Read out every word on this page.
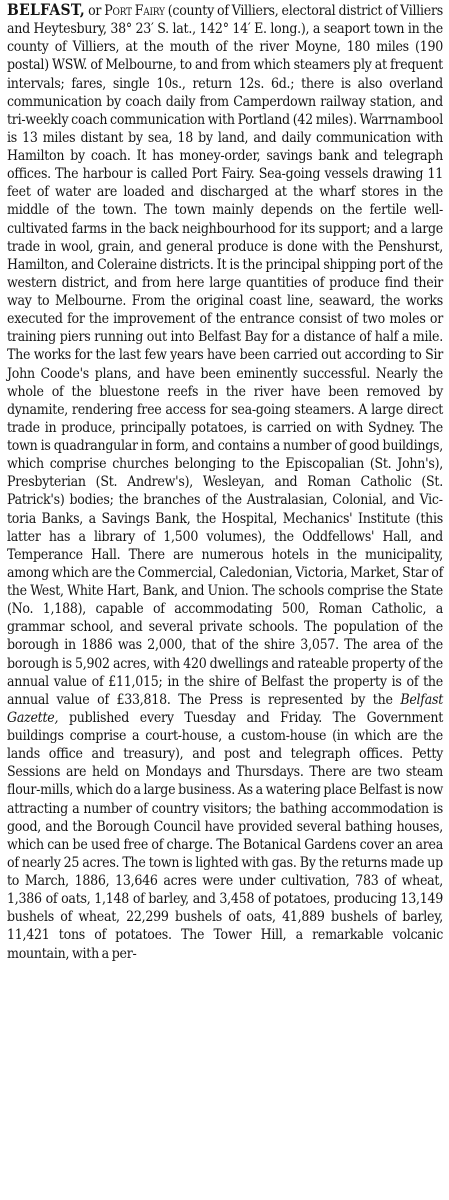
BELFAST, or Port Fairy (county of Villiers, electoral district of Villiers and Heytesbury, 38° 23′ S. lat., 142° 14′ E. long.), a seaport town in the county of Villiers, at the mouth of the river Moyne, 180 miles (190 postal) WSW. of Melbourne, to and from which steamers ply at frequent intervals; fares, single 10s., return 12s. 6d.; there is also overland communication by coach daily from Camperdown railway station, and tri-weekly coach communication with Portland (42 miles). Warrnambool is 13 miles distant by sea, 18 by land, and daily communication with Hamilton by coach. It has money-order, savings bank and telegraph offices. The harbour is called Port Fairy. Sea-going vessels drawing 11 feet of water are loaded and discharged at the wharf stores in the middle of the town. The town mainly depends on the fertile well-cultivated farms in the back neighbourhood for its support; and a large trade in wool, grain, and general produce is done with the Penshurst, Hamilton, and Coleraine districts. It is the principal shipping port of the western district, and from here large quantities of produce find their way to Melbourne. From the original coast line, seaward, the works executed for the improvement of the entrance consist of two moles or training piers running out into Belfast Bay for a distance of half a mile. The works for the last few years have been carried out according to Sir John Coode's plans, and have been eminently successful. Nearly the whole of the bluestone reefs in the river have been removed by dynamite, rendering free access for sea-going steamers. A large direct trade in produce, principally potatoes, is carried on with Sydney. The town is quadrangular in form, and contains a number of good buildings, which comprise churches belonging to the Episcopalian (St. John's), Presbyterian (St. Andrew's), Wesleyan, and Roman Catholic (St. Patrick's) bodies; the branches of the Australasian, Colonial, and Victoria Banks, a Savings Bank, the Hospital, Mechanics' Institute (this latter has a library of 1,500 volumes), the Oddfellows' Hall, and Temperance Hall. There are numerous hotels in the municipality, among which are the Commercial, Caledonian, Victoria, Market, Star of the West, White Hart, Bank, and Union. The schools comprise the State (No. 1,188), capable of accommodating 500, Roman Catholic, a grammar school, and several private schools. The population of the borough in 1886 was 2,000, that of the shire 3,057. The area of the borough is 5,902 acres, with 420 dwellings and rateable property of the annual value of £11,015; in the shire of Belfast the property is of the annual value of £33,818. The Press is represented by the Belfast Gazette, published every Tuesday and Friday. The Government buildings comprise a court-house, a custom-house (in which are the lands office and treasury), and post and telegraph offices. Petty Sessions are held on Mondays and Thursdays. There are two steam flour-mills, which do a large business. As a watering place Belfast is now attracting a number of country visitors; the bathing accommodation is good, and the Borough Council have provided several bathing houses, which can be used free of charge. The Botanical Gardens cover an area of nearly 25 acres. The town is lighted with gas. By the returns made up to March, 1886, 13,646 acres were under cultivation, 783 of wheat, 1,386 of oats, 1,148 of barley, and 3,458 of potatoes, producing 13,149 bushels of wheat, 22,299 bushels of oats, 41,889 bushels of barley, 11,421 tons of potatoes. The Tower Hill, a remarkable volcanic mountain, with a per-
